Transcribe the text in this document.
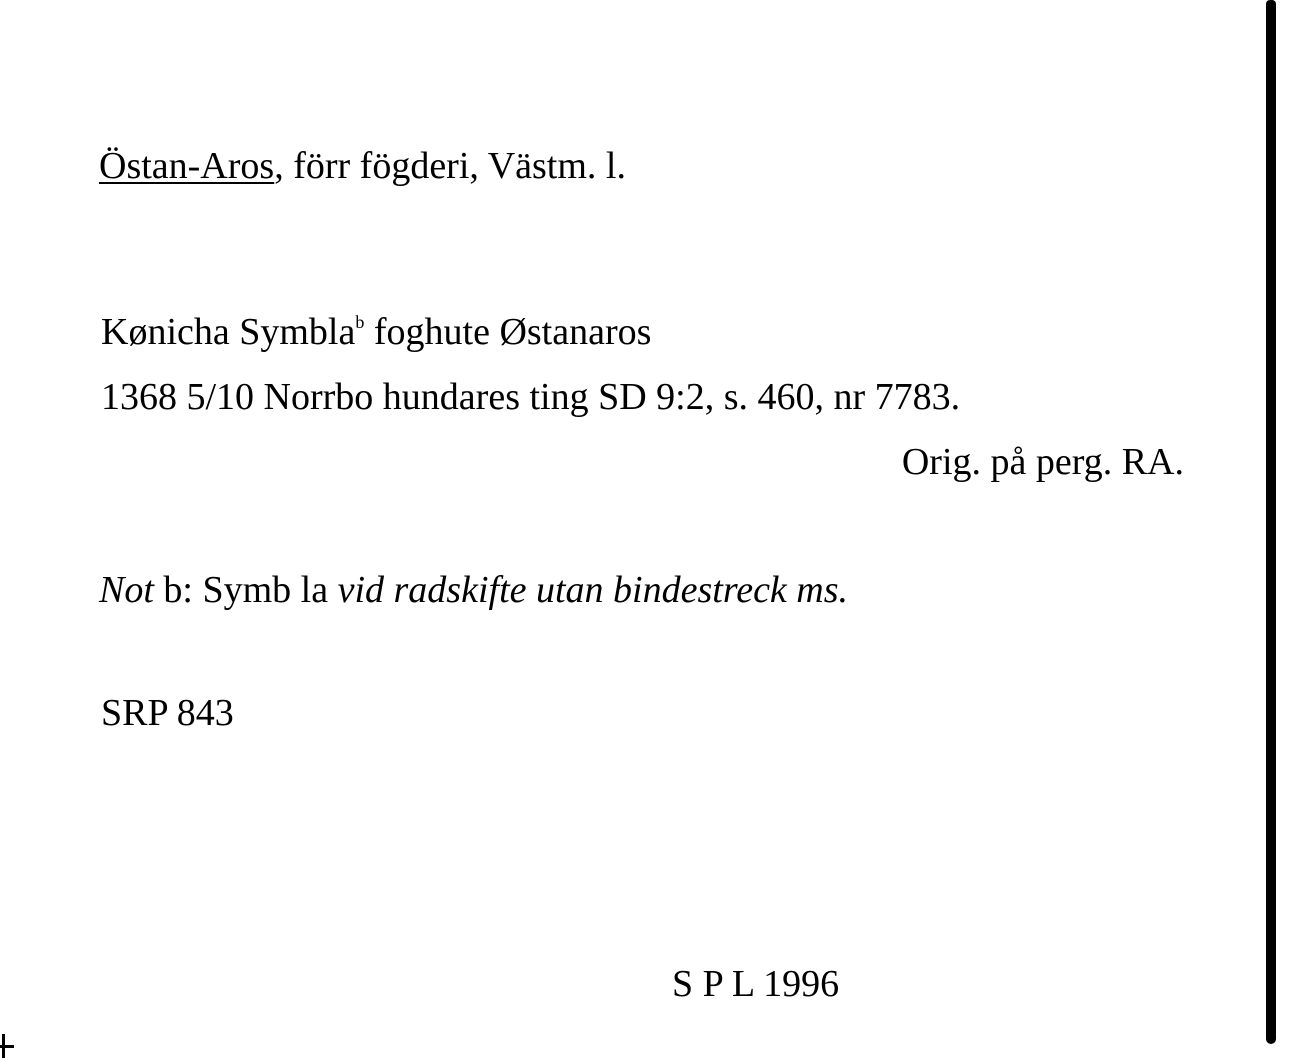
Östan-Aros, förr fögderi, Västm. l.
Kønicha Symbla$^b$ foghute Østanaros
1368 5/10 Norrbo hundares ting SD 9:2, s. 460, nr 7783.
Orig. på perg. RA.
Not b: Symb la vid radskifte utan bindestreck ms.
SRP 843
S P L 1996
